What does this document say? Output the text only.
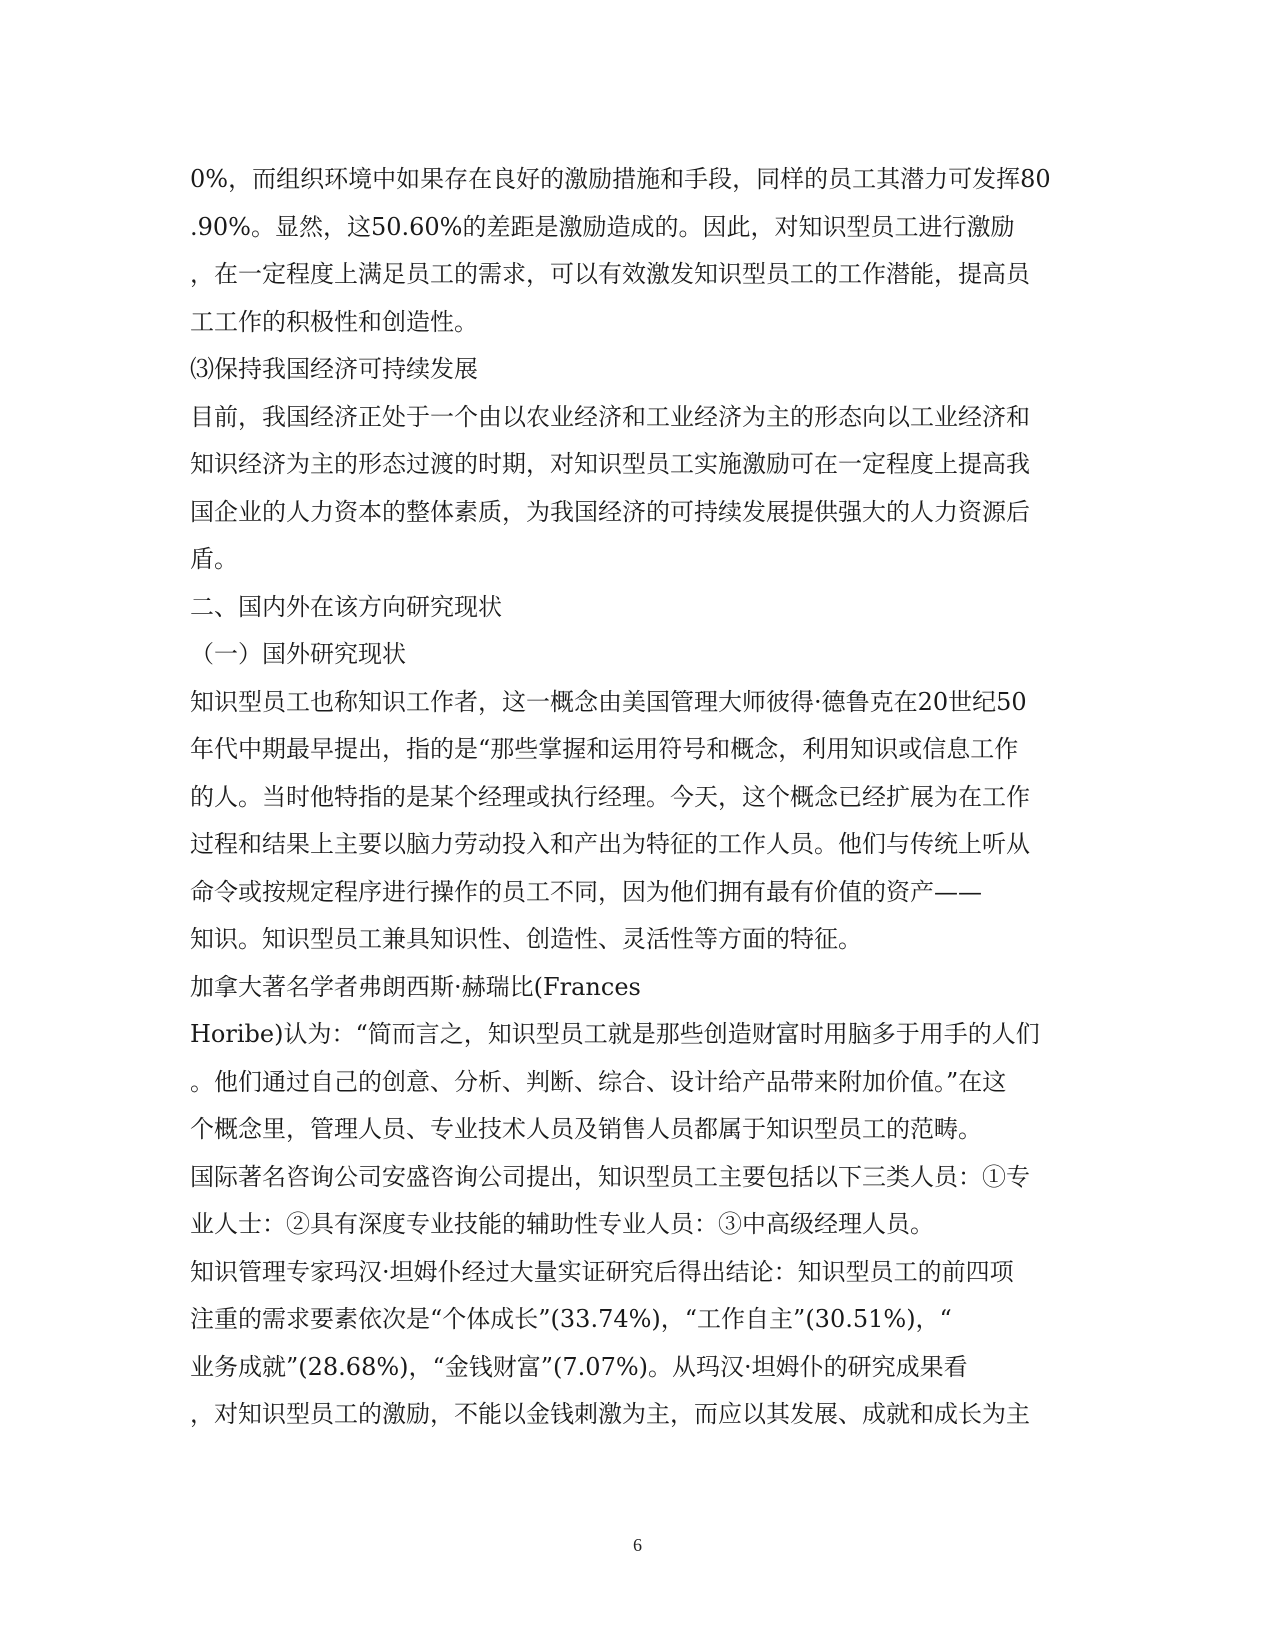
0%，而组织环境中如果存在良好的激励措施和手段，同样的员工其潜力可发挥80
.90%。显然，这50.60%的差距是激励造成的。因此，对知识型员工进行激励
，在一定程度上满足员工的需求，可以有效激发知识型员工的工作潜能，提高员
工工作的积极性和创造性。
⑶保持我国经济可持续发展
目前，我国经济正处于一个由以农业经济和工业经济为主的形态向以工业经济和
知识经济为主的形态过渡的时期，对知识型员工实施激励可在一定程度上提高我
国企业的人力资本的整体素质，为我国经济的可持续发展提供强大的人力资源后
盾。
二、国内外在该方向研究现状
（一）国外研究现状
知识型员工也称知识工作者，这一概念由美国管理大师彼得·德鲁克在20世纪50
年代中期最早提出，指的是“那些掌握和运用符号和概念，利用知识或信息工作
的人。当时他特指的是某个经理或执行经理。今天，这个概念已经扩展为在工作
过程和结果上主要以脑力劳动投入和产出为特征的工作人员。他们与传统上听从
命令或按规定程序进行操作的员工不同，因为他们拥有最有价值的资产——
知识。知识型员工兼具知识性、创造性、灵活性等方面的特征。
加拿大著名学者弗朗西斯·赫瑞比(Frances
Horibe)认为：“简而言之，知识型员工就是那些创造财富时用脑多于用手的人们
。他们通过自己的创意、分析、判断、综合、设计给产品带来附加价值。”在这
个概念里，管理人员、专业技术人员及销售人员都属于知识型员工的范畴。
国际著名咨询公司安盛咨询公司提出，知识型员工主要包括以下三类人员：①专
业人士：②具有深度专业技能的辅助性专业人员：③中高级经理人员。
知识管理专家玛汉·坦姆仆经过大量实证研究后得出结论：知识型员工的前四项
注重的需求要素依次是“个体成长”(33.74%)，“工作自主”(30.51%)，“
业务成就”(28.68%)，“金钱财富”(7.07%)。从玛汉·坦姆仆的研究成果看
，对知识型员工的激励，不能以金钱刺激为主，而应以其发展、成就和成长为主
6
